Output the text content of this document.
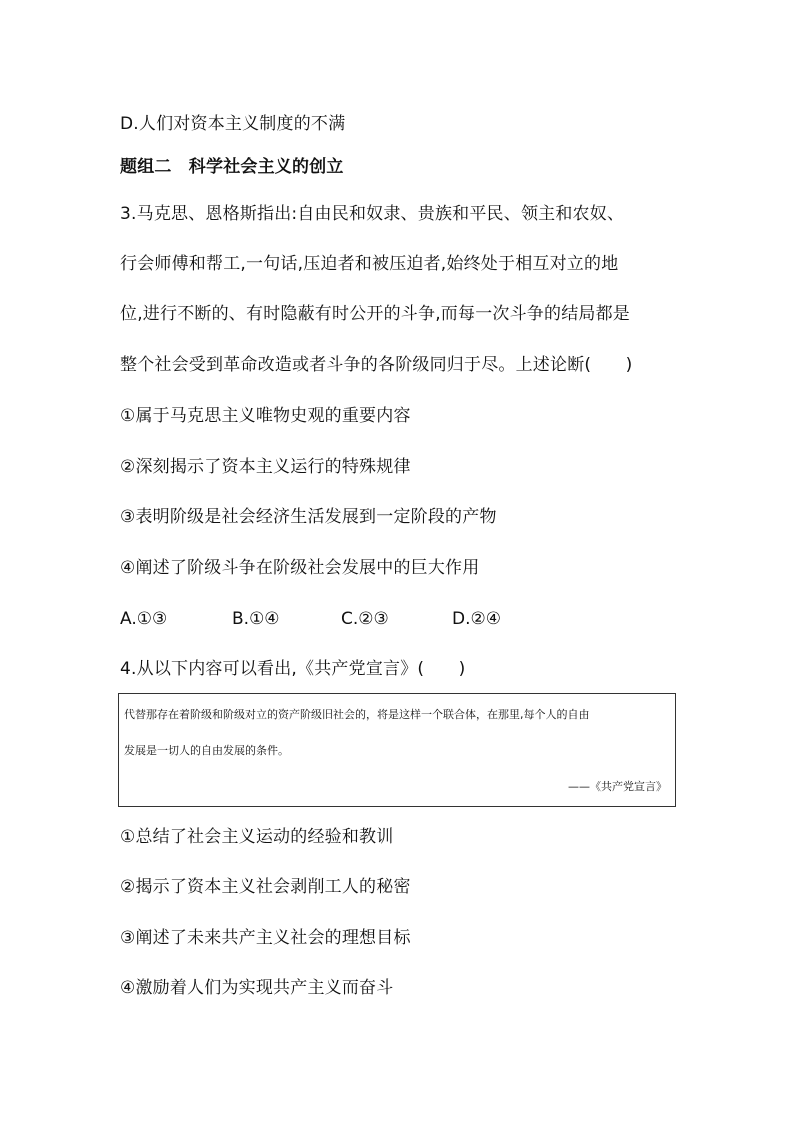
D.人们对资本主义制度的不满
题组二　科学社会主义的创立
3.马克思、恩格斯指出:自由民和奴隶、贵族和平民、领主和农奴、
行会师傅和帮工,一句话,压迫者和被压迫者,始终处于相互对立的地
位,进行不断的、有时隐蔽有时公开的斗争,而每一次斗争的结局都是
整个社会受到革命改造或者斗争的各阶级同归于尽。上述论断(　　)
①属于马克思主义唯物史观的重要内容
②深刻揭示了资本主义运行的特殊规律
③表明阶级是社会经济生活发展到一定阶段的产物
④阐述了阶级斗争在阶级社会发展中的巨大作用
A.①③	B.①④	C.②③	D.②④
4.从以下内容可以看出,《共产党宣言》(　　)
代替那存在着阶级和阶级对立的资产阶级旧社会的，将是这样一个联合体，在那里,每个人的自由
发展是一切人的自由发展的条件。
——《共产党宣言》
①总结了社会主义运动的经验和教训
②揭示了资本主义社会剥削工人的秘密
③阐述了未来共产主义社会的理想目标
④激励着人们为实现共产主义而奋斗
